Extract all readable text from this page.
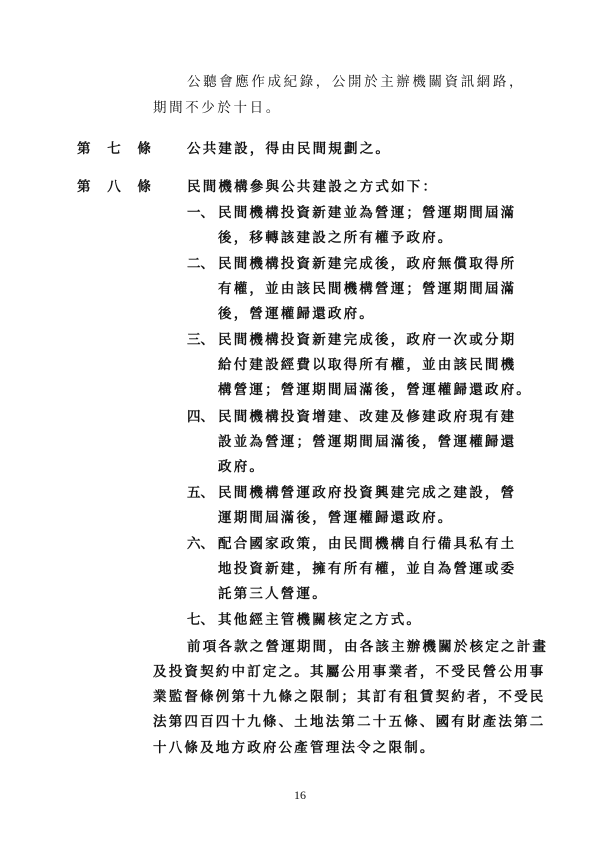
公聽會應作成紀錄，公開於主辦機關資訊網路，
期間不少於十日。
第 七 條 公共建設，得由民間規劃之。
第 八 條 民間機構參與公共建設之方式如下：
一、 民間機構投資新建並為營運；營運期間屆滿
後，移轉該建設之所有權予政府。
二、 民間機構投資新建完成後，政府無償取得所
有權，並由該民間機構營運；營運期間屆滿
後，營運權歸還政府。
三、 民間機構投資新建完成後，政府一次或分期
給付建設經費以取得所有權，並由該民間機
構營運；營運期間屆滿後，營運權歸還政府。
四、 民間機構投資增建、改建及修建政府現有建
設並為營運；營運期間屆滿後，營運權歸還
政府。
五、 民間機構營運政府投資興建完成之建設，營
運期間屆滿後，營運權歸還政府。
六、 配合國家政策，由民間機構自行備具私有土
地投資新建，擁有所有權，並自為營運或委
託第三人營運。
七、 其他經主管機關核定之方式。
前項各款之營運期間，由各該主辦機關於核定之計畫
及投資契約中訂定之。其屬公用事業者，不受民營公用事
業監督條例第十九條之限制；其訂有租賃契約者，不受民
法第四百四十九條、土地法第二十五條、國有財產法第二
十八條及地方政府公產管理法令之限制。
16
